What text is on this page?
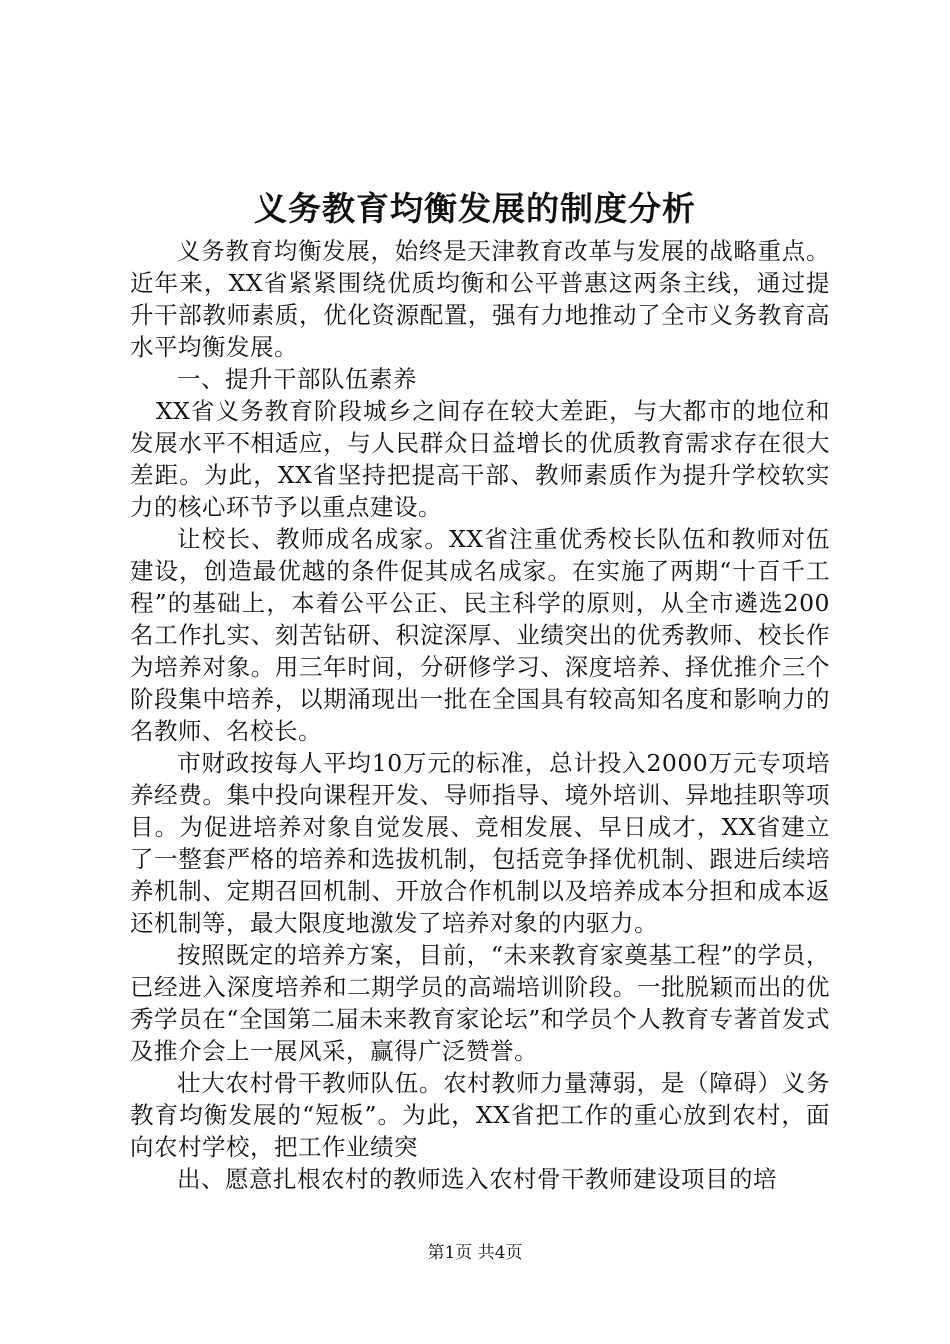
义务教育均衡发展的制度分析

义务教育均衡发展，始终是天津教育改革与发展的战略重点。近年来，XX省紧紧围绕优质均衡和公平普惠这两条主线，通过提升干部教师素质，优化资源配置，强有力地推动了全市义务教育高水平均衡发展。

一、提升干部队伍素养

XX省义务教育阶段城乡之间存在较大差距，与大都市的地位和发展水平不相适应，与人民群众日益增长的优质教育需求存在很大差距。为此，XX省坚持把提高干部、教师素质作为提升学校软实力的核心环节予以重点建设。

让校长、教师成名成家。XX省注重优秀校长队伍和教师对伍建设，创造最优越的条件促其成名成家。在实施了两期“十百千工程”的基础上，本着公平公正、民主科学的原则，从全市遴选200名工作扎实、刻苦钻研、积淀深厚、业绩突出的优秀教师、校长作为培养对象。用三年时间，分研修学习、深度培养、择优推介三个阶段集中培养，以期涌现出一批在全国具有较高知名度和影响力的名教师、名校长。

市财政按每人平均10万元的标准，总计投入2000万元专项培养经费。集中投向课程开发、导师指导、境外培训、异地挂职等项目。为促进培养对象自觉发展、竞相发展、早日成才，XX省建立了一整套严格的培养和选拔机制，包括竞争择优机制、跟进后续培养机制、定期召回机制、开放合作机制以及培养成本分担和成本返还机制等，最大限度地激发了培养对象的内驱力。

按照既定的培养方案，目前，“未来教育家奠基工程”的学员，已经进入深度培养和二期学员的高端培训阶段。一批脱颖而出的优秀学员在“全国第二届未来教育家论坛”和学员个人教育专著首发式及推介会上一展风采，赢得广泛赞誉。

壮大农村骨干教师队伍。农村教师力量薄弱，是（障碍）义务教育均衡发展的“短板”。为此，XX省把工作的重心放到农村，面向农村学校，把工作业绩突

出、愿意扎根农村的教师选入农村骨干教师建设项目的培

第1页 共4页
